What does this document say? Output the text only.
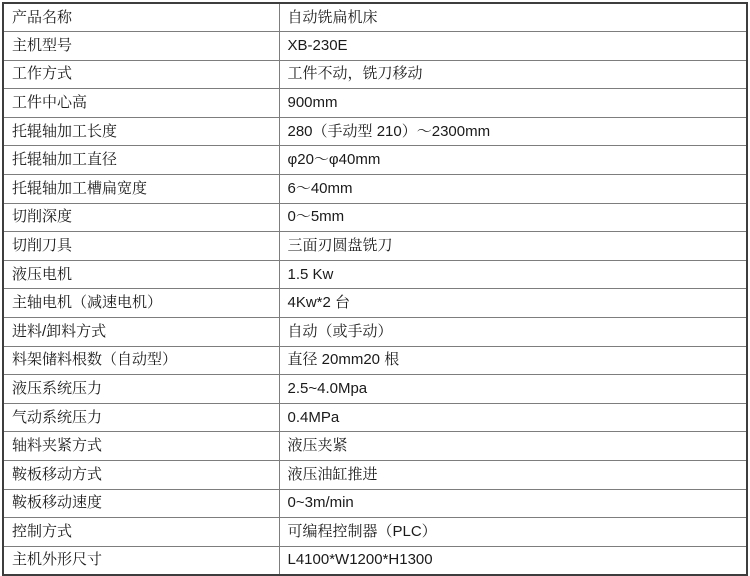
产品名称	自动铣扁机床
主机型号	XB-230E
工作方式	工件不动，铣刀移动
工件中心高	900mm
托辊轴加工长度	280（手动型 210）～2300mm
托辊轴加工直径	φ20～φ40mm
托辊轴加工槽扁宽度	6～40mm
切削深度	0～5mm
切削刀具	三面刃圆盘铣刀
液压电机	1.5 Kw
主轴电机（减速电机）	4Kw*2 台
进料/卸料方式	自动（或手动）
料架储料根数（自动型）	直径 20mm20 根
液压系统压力	2.5~4.0Mpa
气动系统压力	0.4MPa
轴料夹紧方式	液压夹紧
鞍板移动方式	液压油缸推进
鞍板移动速度	0~3m/min
控制方式	可编程控制器（PLC）
主机外形尺寸	L4100*W1200*H1300
